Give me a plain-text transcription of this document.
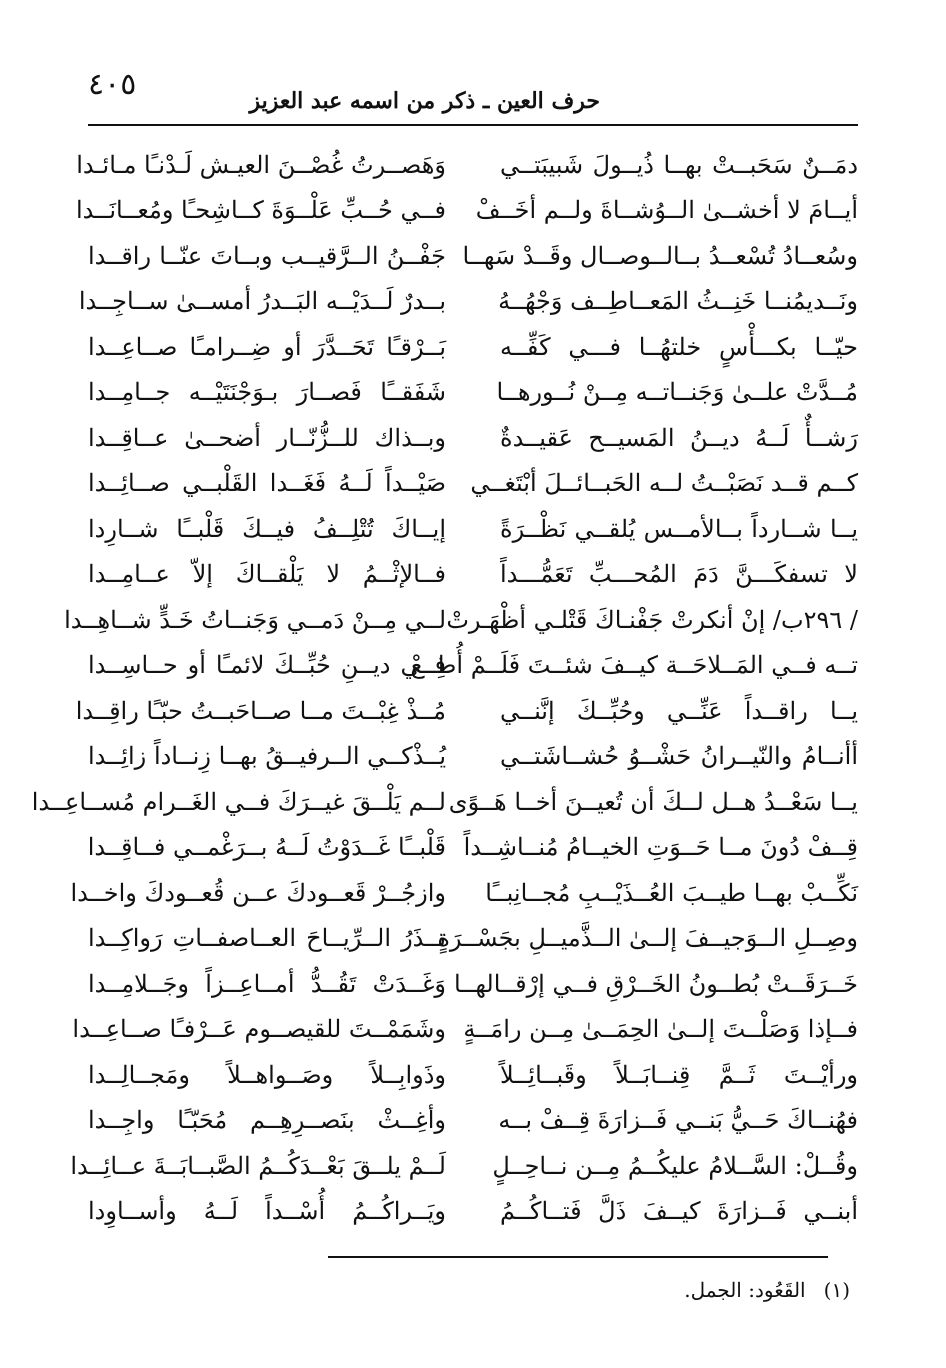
٤٠٥	حرف العين ـ ذكر من اسمه عبد العزيز
دمَــنٌ سَحَبــتْ بهــا ذُيــولَ شَبيبَتــي
وَهَصــرتُ غُصْــنَ العيـش لَـدْنـًا مـائـدا
أيــامَ لا أخشــىٰ الــوُشــاةَ ولــم أخَــفْ
فــي حُــبِّ عَلْــوَةَ كــاشِحـًا ومُعــانَــدا
وسُعــادُ تُسْعــدُ بــالــوصــال وقَــدْ سَهــا
جَفْــنُ الــرَّقيــب وبــاتَ عنّــا راقــدا
ونَــديمُنــا خَنِــثُ المَعــاطِــف وَجْهُــهُ
بــدرٌ لَــدَيْــه البَــدرُ أمســىٰ ســاجِــدا
حيّــا بكـــأْسٍ خلتهُــا فـــي كَفِّــه
بَــرْقـًا تَحَــدَّرَ أو ضِــرامـًا صــاعِــدا
مُــدَّتْ علــىٰ وَجَنــاتــه مِــنْ نُــورهــا
شَفَقــًا فَصــارَ بـوَجْنَتَيْــه جــامِــدا
رَشــأٌ لَــهُ ديــنُ المَسيــح عَقيــدةٌ
وبــذاك للــزُّنّــار أضحــىٰ عــاقِــدا
كــم قــد نَصَبْــتُ لــه الحَبــائــلَ أبْتَغــي
صَيْــداً لَــهُ فَغَــدا القَلْبــي صــائِــدا
يــا شــارداً بــالأمــس يُلقــي نَظْــرَةً
إيــاكَ تُتْلِــفُ فيــكَ قَلْبــًا شــارِدا
لا تسفكَـــنَّ دَمَ المُحـــبِّ تَعَمُّـــداً
فــالإثْــمُ لا يَلْقــاكَ إلاّ عــامِــدا
/ ٢٩٦ب/ إنْ أنكرتْ جَفْنـاكَ قَتْلـي أظْهَـرتْ
لــي مِــنْ دَمــي وَجَنــاتُ خَـدٍّ شــاهِــدا
تــه فــي المَــلاحَــة كيــفَ شئــتَ فَلَــمْ أُطِــعْ
فــي ديــنِ حُبِّــكَ لائمـًا أو حــاسِــدا
يــا راقــداً عَنِّــي وحُبِّــكَ إنَّنــي
مُــذْ غِبْــتَ مــا صــاحَبــتُ حبّـًا راقِــدا
أأنــامُ والنّيــرانُ حَشْــوُ حُشــاشَتــي
يُــذْكــي الــرفيــقُ بهــا زِنــاداً زائِــدا
يــا سَعْــدُ هــل لــكَ أن تُعيــنَ أخــا هَــوًى
لــم يَلْــقَ غيــرَكَ فــي الغَــرام مُســاعِــدا
قِــفْ دُونَ مــا حَــوَتِ الخيــامُ مُنــاشِــداً
قَلْبــًا غَــدَوْتُ لَــهُ بــرَغْمــي فــاقِــدا
نَكِّــبْ بهــا طيــبَ العُــذَيْــبِ مُجــانِبــًا
وازجُــرْ قَعــودكَ عــن قُعــودكَ واخــدا
وصِــلِ الــوَجيــفَ إلــىٰ الــذَّميــلِ بجَسْــرَةٍ
تــذَرُ الــرِّيــاحَ العــاصفــاتِ رَواكِــدا
خَــرَقَــتْ بُطــونُ الخَــرْقِ فــي إرْقــالهــا
وَغَــدَتْ تَقُــدُّ أمــاعِــزاً وجَــلامِــدا
فــإذا وَصَلْــتَ إلــىٰ الحِمَــىٰ مِــن رامَــةٍ
وشَمَمْــتَ للقيصــوم عَــرْفـًا صــاعِــدا
ورأيْــتَ ثَــمَّ قِنــابَــلاً وقَبــائِــلاً
وذَوابِــلاً وصَــواهــلاً ومَجــالِــدا
فهُنــاكَ حَــيُّ بَنــي فَــزارَةَ قِــفْ بــه
وأغِــثْ بنَصــرِهِــم مُحَبّـًا واجِــدا
وقُــلْ: السَّــلامُ عليكُــمُ مِــن نــاحِــلٍ
لَــمْ يلــقَ بَعْــدَكُــمُ الصَّبــابَــةَ عــائِــدا
أبنــي فَــزارَةَ كيــفَ ذَلَّ فَتــاكُــمُ
ويَــراكُــمُ أُسْــداً لَــهُ وأســاوِدا
(١)القَعُود: الجمل.
